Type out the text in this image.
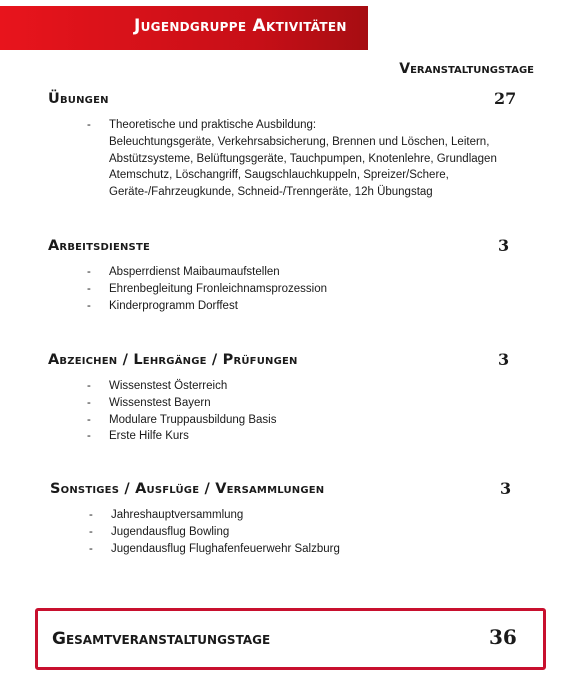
Jugendgruppe Aktivitäten
Veranstaltungstage
Übungen	27
- Theoretische und praktische Ausbildung:
Beleuchtungsgeräte, Verkehrsabsicherung, Brennen und Löschen, Leitern, Abstützsysteme, Belüftungsgeräte, Tauchpumpen, Knotenlehre, Grundlagen Atemschutz, Löschangriff, Saugschlauchkuppeln, Spreizer/Schere, Geräte-/Fahrzeugkunde, Schneid-/Trenngeräte, 12h Übungstag
Arbeitsdienste	3
- Absperrdienst Maibaumaufstellen
- Ehrenbegleitung Fronleichnamsprozession
- Kinderprogramm Dorffest
Abzeichen / Lehrgänge / Prüfungen	3
- Wissenstest Österreich
- Wissenstest Bayern
- Modulare Truppausbildung Basis
- Erste Hilfe Kurs
Sonstiges / Ausflüge / Versammlungen	3
- Jahreshauptversammlung
- Jugendausflug Bowling
- Jugendausflug Flughafenfeuerwehr Salzburg
Gesamtveranstaltungstage	36
